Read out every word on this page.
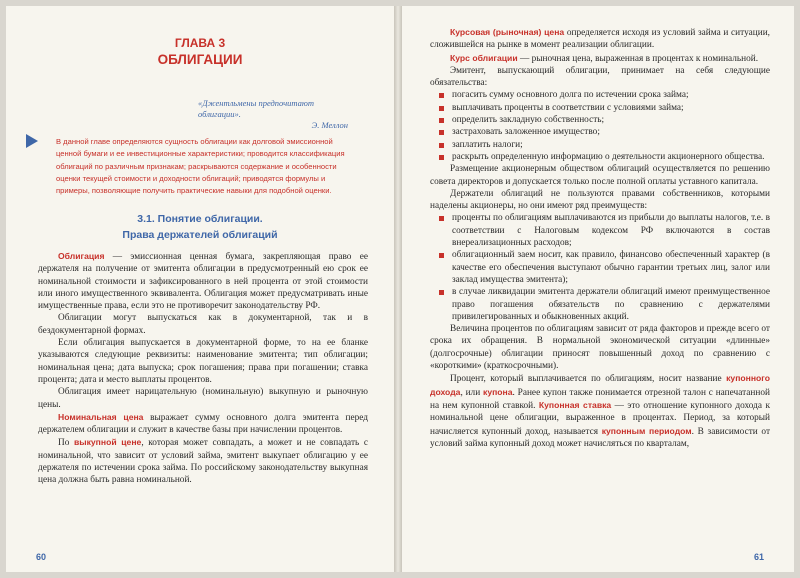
ГЛАВА 3
ОБЛИГАЦИИ
«Джентльмены предпочитают облигации».
Э. Меллон
В данной главе определяются сущность облигации как долговой эмиссионной ценной бумаги и ее инвестиционные характеристики; проводится классификация облигаций по различным признакам; раскрываются содержание и особенности оценки текущей стоимости и доходности облигаций; приводятся формулы и примеры, позволяющие получить практические навыки для подобной оценки.
3.1. Понятие облигации.
Права держателей облигаций

Облигация — эмиссионная ценная бумага, закрепляющая право ее держателя на получение от эмитента облигации в предусмотренный ею срок ее номинальной стоимости и зафиксированного в ней процента от этой стоимости или иного имущественного эквивалента. Облигация может предусматривать иные имущественные права, если это не противоречит законодательству РФ.

Облигации могут выпускаться как в документарной, так и в бездокументарной формах.

Если облигация выпускается в документарной форме, то на ее бланке указываются следующие реквизиты: наименование эмитента; тип облигации; номинальная цена; дата выпуска; срок погашения; права при погашении; ставка процента; дата и место выплаты процентов.

Облигация имеет нарицательную (номинальную) выкупную и рыночную цены.

Номинальная цена выражает сумму основного долга эмитента перед держателем облигации и служит в качестве базы при начислении процентов.

По выкупной цене, которая может совпадать, а может и не совпадать с номинальной, что зависит от условий займа, эмитент выкупает облигацию у ее держателя по истечении срока займа. По российскому законодательству выкупная цена должна быть равна номинальной.

60

Курсовая (рыночная) цена определяется исходя из условий займа и ситуации, сложившейся на рынке в момент реализации облигации.

Курс облигации — рыночная цена, выраженная в процентах к номинальной.

Эмитент, выпускающий облигации, принимает на себя следующие обязательства:

погасить сумму основного долга по истечении срока займа;
выплачивать проценты в соответствии с условиями займа;
определить закладную собственность;
застраховать заложенное имущество;
заплатить налоги;
раскрыть определенную информацию о деятельности акционерного общества.

Размещение акционерным обществом облигаций осуществляется по решению совета директоров и допускается только после полной оплаты уставного капитала.

Держатели облигаций не пользуются правами собственников, которыми наделены акционеры, но они имеют ряд преимуществ:

проценты по облигациям выплачиваются из прибыли до выплаты налогов, т.е. в соответствии с Налоговым кодексом РФ включаются в состав внереализационных расходов;
облигационный заем носит, как правило, финансово обеспеченный характер (в качестве его обеспечения выступают обычно гарантии третьих лиц, залог или заклад имущества эмитента);
в случае ликвидации эмитента держатели облигаций имеют преимущественное право погашения обязательств по сравнению с держателями привилегированных и обыкновенных акций.

Величина процентов по облигациям зависит от ряда факторов и прежде всего от срока их обращения. В нормальной экономической ситуации «длинные» (долгосрочные) облигации приносят повышенный доход по сравнению с «короткими» (краткосрочными).

Процент, который выплачивается по облигациям, носит название купонного дохода, или купона. Ранее купон также понимается отрезной талон с напечатанной на нем купонной ставкой. Купонная ставка — это отношение купонного дохода к номинальной цене облигации, выраженное в процентах. Период, за который начисляется купонный доход, называется купонным периодом. В зависимости от условий займа купонный доход может начисляться по кварталам,

61
